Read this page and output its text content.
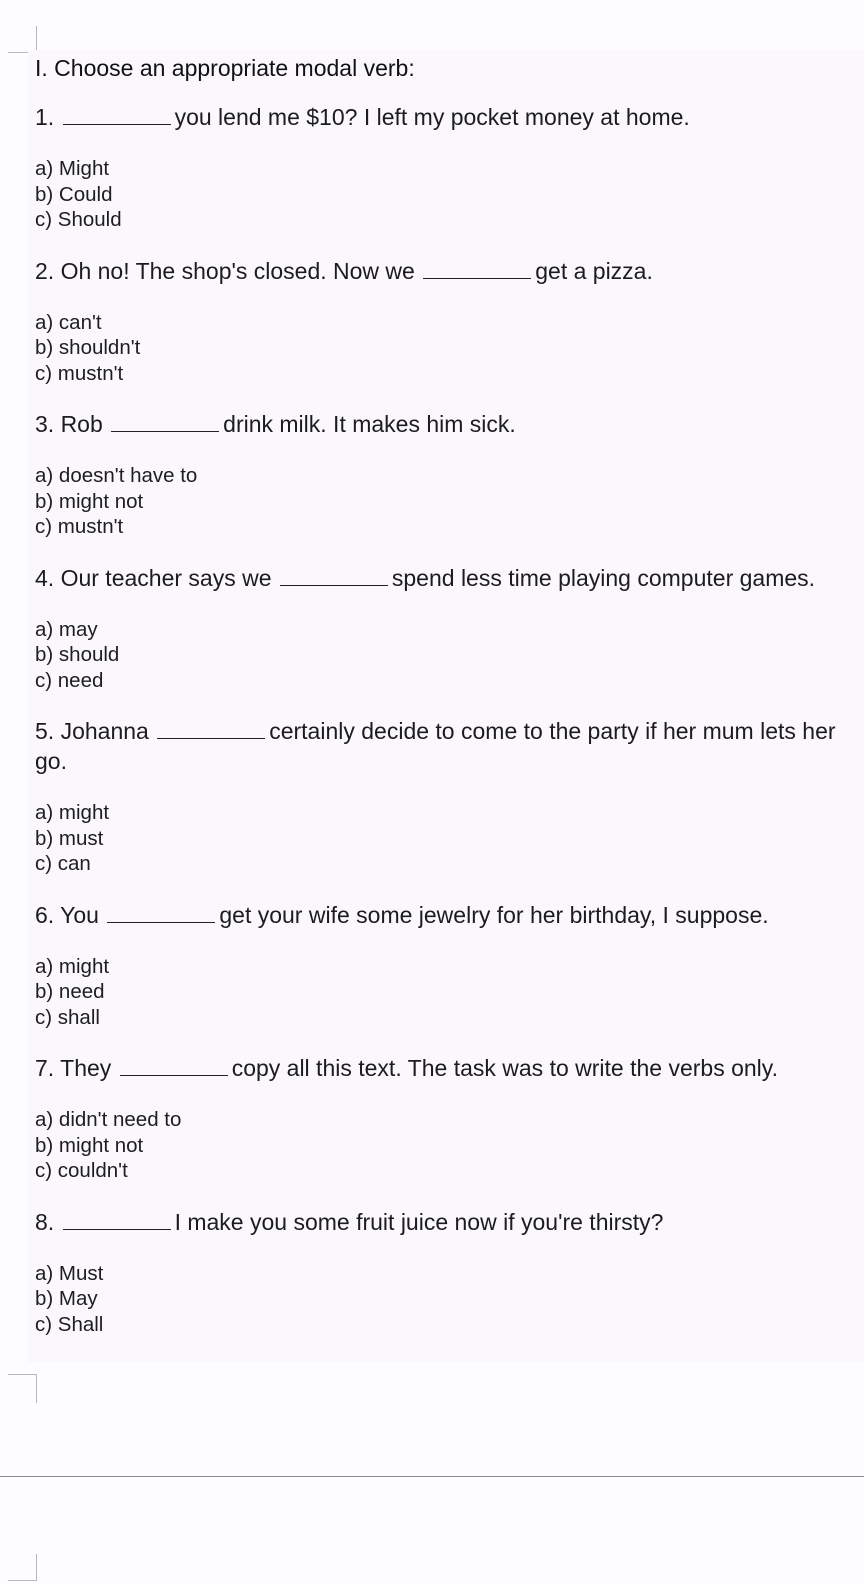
I. Choose an appropriate modal verb:

1.	you lend me $10? I left my pocket money at home.

a) Might
b) Could
c) Should

2. Oh no! The shop's closed. Now we	get a pizza.

a) can't
b) shouldn't
c) mustn't

3. Rob	drink milk. It makes him sick.

a) doesn't have to
b) might not
c) mustn't

4. Our teacher says we	spend less time playing computer games.

a) may
b) should
c) need

5. Johanna	certainly decide to come to the party if her mum lets her go.

a) might
b) must
c) can

6. You	get your wife some jewelry for her birthday, I suppose.

a) might
b) need
c) shall

7. They	copy all this text. The task was to write the verbs only.

a) didn't need to
b) might not
c) couldn't

8.	I make you some fruit juice now if you're thirsty?

a) Must
b) May
c) Shall
